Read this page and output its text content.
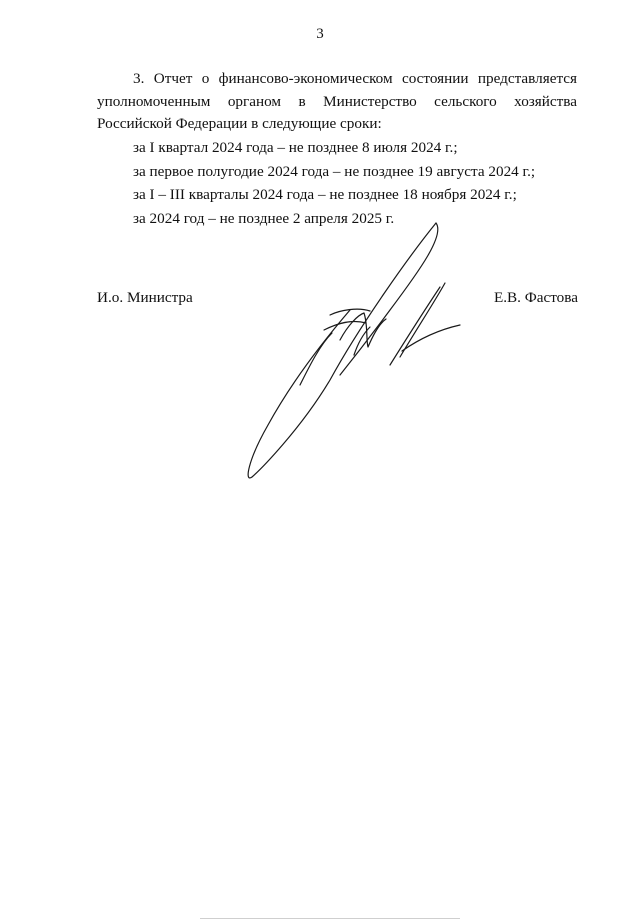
3

3. Отчет о финансово-экономическом состоянии представляется уполномоченным органом в Министерство сельского хозяйства Российской Федерации в следующие сроки:

за I квартал 2024 года – не позднее 8 июля 2024 г.;
за первое полугодие 2024 года – не позднее 19 августа 2024 г.;
за I – III кварталы 2024 года – не позднее 18 ноября 2024 г.;
за 2024 год – не позднее 2 апреля 2025 г.
И.о. Министра	Е.В. Фастова
